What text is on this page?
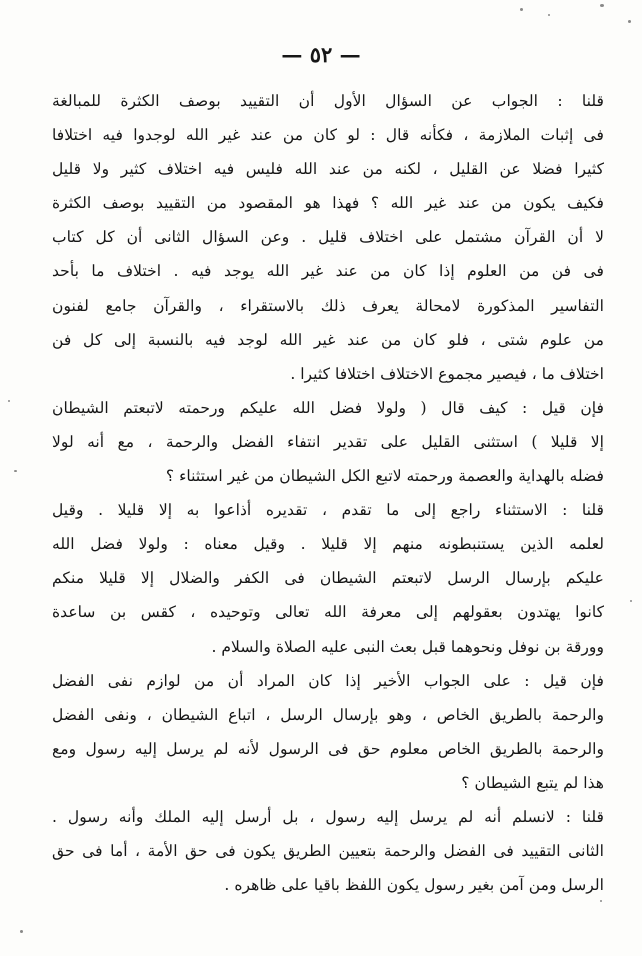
— ٥٢ —
قلنا : الجواب عن السؤال الأول أن التقييد بوصف الكثرة للمبالغة
فى إثبات الملازمة ، فكأنه قال : لو كان من عند غير الله لوجدوا فيه اختلافا
كثيرا فضلا عن القليل ، لكنه من عند الله فليس فيه اختلاف كثير ولا قليل
فكيف يكون من عند غير الله ؟ فهذا هو المقصود من التقييد بوصف الكثرة
لا أن القرآن مشتمل على اختلاف قليل . وعن السؤال الثانى أن كل كتاب
فى فن من العلوم إذا كان من عند غير الله يوجد فيه . اختلاف ما بأحد
التفاسير المذكورة لامحالة يعرف ذلك بالاستقراء ، والقرآن جامع لفنون
من علوم شتى ، فلو كان من عند غير الله لوجد فيه بالنسبة إلى كل فن
اختلاف ما ، فيصير مجموع الاختلاف اختلافا كثيرا .
فإن قيل : كيف قال ( ولولا فضل الله عليكم ورحمته لاتبعتم الشيطان
إلا قليلا ) استثنى القليل على تقدير انتفاء الفضل والرحمة ، مع أنه لولا
فضله بالهداية والعصمة ورحمته لاتبع الكل الشيطان من غير استثناء ؟
قلنا : الاستثناء راجع إلى ما تقدم ، تقديره أذاعوا به إلا قليلا . وقيل
لعلمه الذين يستنبطونه منهم إلا قليلا . وقيل معناه : ولولا فضل الله
عليكم بإرسال الرسل لاتبعتم الشيطان فى الكفر والضلال إلا قليلا منكم
كانوا يهتدون بعقولهم إلى معرفة الله تعالى وتوحيده ، كقس بن ساعدة
وورقة بن نوفل ونحوهما قبل بعث النبى عليه الصلاة والسلام .
فإن قيل : على الجواب الأخير إذا كان المراد أن من لوازم نفى الفضل
والرحمة بالطريق الخاص ، وهو بإرسال الرسل ، اتباع الشيطان ، ونفى الفضل
والرحمة بالطريق الخاص معلوم حق فى الرسول لأنه لم يرسل إليه رسول ومع
هذا لم يتبع الشيطان ؟
قلنا : لانسلم أنه لم يرسل إليه رسول ، بل أرسل إليه الملك وأنه رسول .
الثانى التقييد فى الفضل والرحمة بتعيين الطريق يكون فى حق الأمة ، أما فى حق
الرسل ومن آمن بغير رسول يكون اللفظ باقيا على ظاهره .
